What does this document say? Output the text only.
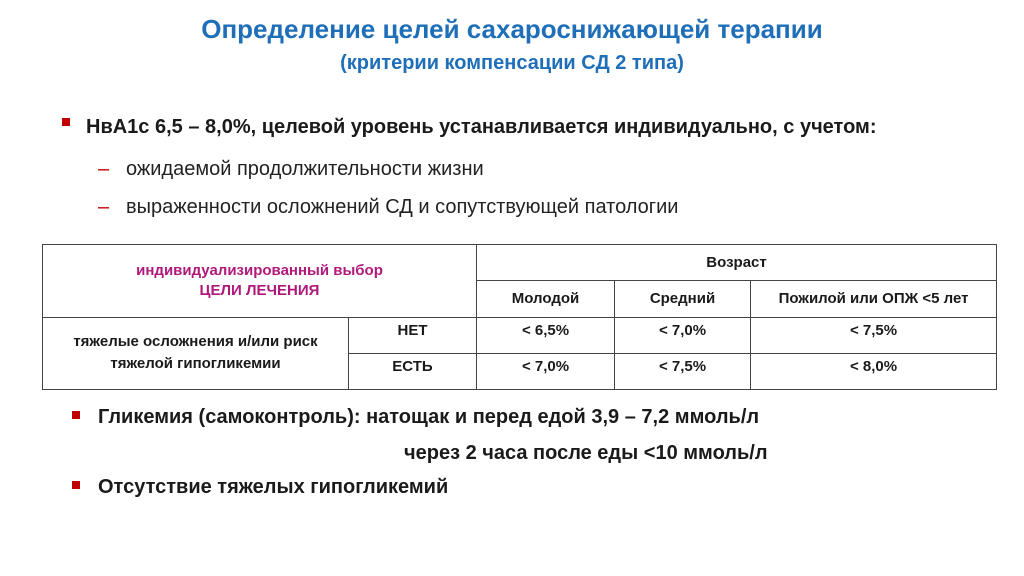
Определение целей сахароснижающей терапии
(критерии компенсации СД 2 типа)
НвА1с 6,5 – 8,0%, целевой уровень устанавливается индивидуально, с учетом:
– ожидаемой продолжительности жизни
– выраженности осложнений СД и сопутствующей патологии
индивидуализированный выбор
ЦЕЛИ ЛЕЧЕНИЯ		Возраст		
		Молодой	Средний	Пожилой или ОПЖ <5 лет
тяжелые осложнения и/или риск тяжелой гипогликемии	НЕТ	< 6,5%	< 7,0%	< 7,5%
	ЕСТЬ	< 7,0%	< 7,5%	< 8,0%
Гликемия (самоконтроль): натощак и перед едой 3,9 – 7,2 ммоль/л
через 2 часа после еды <10 ммоль/л
Отсутствие тяжелых гипогликемий
